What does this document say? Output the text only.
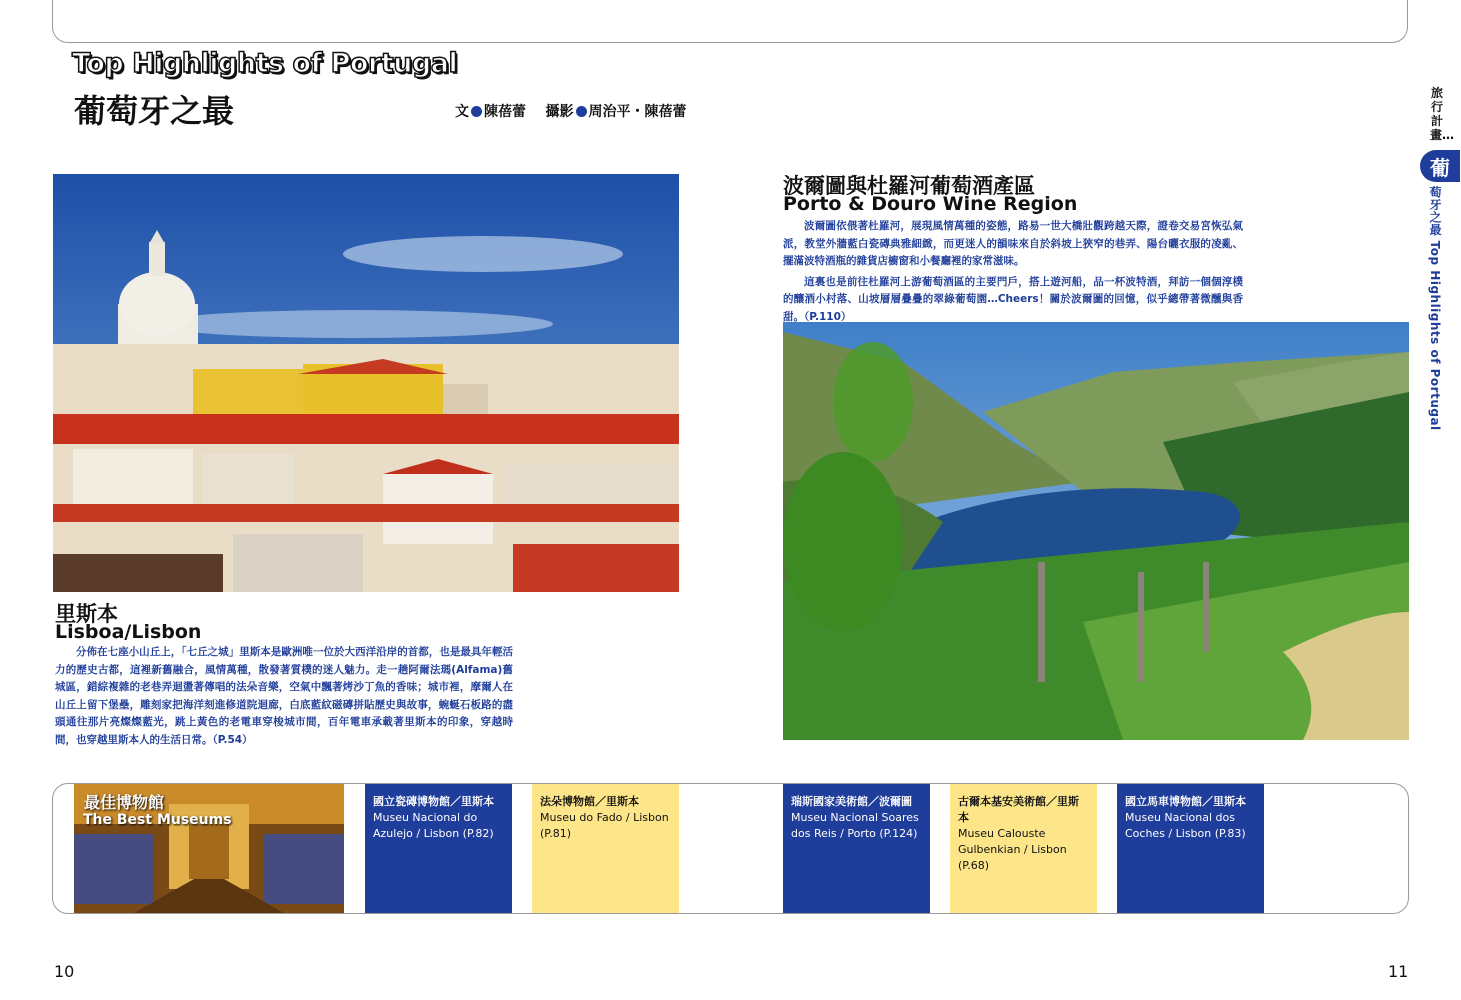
Top Highlights of Portugal
葡萄牙之最	文 陳蓓蕾 攝影 周治平・陳蓓蕾
里斯本
Lisboa/Lisbon

分佈在七座小山丘上，「七丘之城」里斯本是歐洲唯一位於大西洋沿岸的首都，也是最具年輕活力的歷史古都，這裡新舊融合，風情萬種，散發著質樸的迷人魅力。走一趟阿爾法瑪(Alfama)舊城區，錯綜複雜的老巷弄迴盪著傳唱的法朵音樂，空氣中飄著烤沙丁魚的香味；城市裡，摩爾人在山丘上留下堡壘，雕刻家把海洋刻進修道院迴廊，白底藍紋磁磚拼貼歷史與故事，蜿蜒石板路的盡頭通往那片亮燦燦藍光，跳上黃色的老電車穿梭城市間，百年電車承載著里斯本的印象，穿越時間，也穿越里斯本人的生活日常。（P.54）

波爾圖與杜羅河葡萄酒產區
Porto & Douro Wine Region

波爾圖依偎著杜羅河，展現風情萬種的姿態，路易一世大橋壯觀跨越天際，證卷交易宮恢弘氣派，教堂外牆藍白瓷磚典雅細緻，而更迷人的韻味來自於斜坡上狹窄的巷弄、陽台曬衣服的凌亂、擺滿波特酒瓶的雜貨店櫥窗和小餐廳裡的家常滋味。

這裏也是前往杜羅河上游葡萄酒區的主要門戶，搭上遊河船，品一杯波特酒，拜訪一個個淳樸的釀酒小村落、山坡層層疊疊的翠綠葡萄園…Cheers！關於波爾圖的回憶，似乎總帶著微醺與香甜。（P.110）

旅行計畫…
葡
萄牙之最 Top Highlights of Portugal
最佳博物館
The Best Museums
國立瓷磚博物館／里斯本
Museu Nacional do Azulejo / Lisbon (P.82)
法朵博物館／里斯本
Museu do Fado / Lisbon (P.81)
瑞斯國家美術館／波爾圖
Museu Nacional Soares dos Reis / Porto (P.124)
古爾本基安美術館／里斯本
Museu Calouste Gulbenkian / Lisbon (P.68)
國立馬車博物館／里斯本
Museu Nacional dos Coches / Lisbon (P.83)
10	11
